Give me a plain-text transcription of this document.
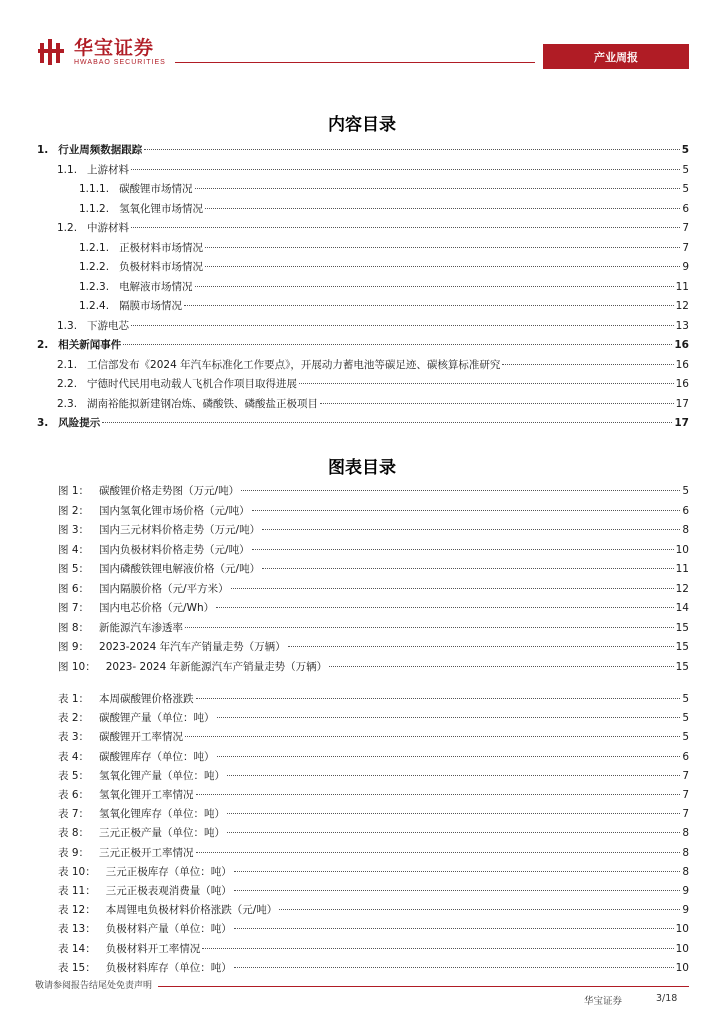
华宝证券
HWABAO SECURITIES	产业周报
内容目录
1. 行业周频数据跟踪	5
1.1. 上游材料	5
1.1.1. 碳酸锂市场情况	5
1.1.2. 氢氧化锂市场情况	6
1.2. 中游材料	7
1.2.1. 正极材料市场情况	7
1.2.2. 负极材料市场情况	9
1.2.3. 电解液市场情况	11
1.2.4. 隔膜市场情况	12
1.3. 下游电芯	13
2. 相关新闻事件	16
2.1. 工信部发布《2024 年汽车标准化工作要点》，开展动力蓄电池等碳足迹、碳核算标准研究	16
2.2. 宁德时代民用电动载人飞机合作项目取得进展	16
2.3. 湖南裕能拟新建钢冶炼、磷酸铁、磷酸盐正极项目	17
3. 风险提示	17
图表目录
图 1： 碳酸锂价格走势图（万元/吨）	5
图 2： 国内氢氧化锂市场价格（元/吨）	6
图 3： 国内三元材料价格走势（万元/吨）	8
图 4： 国内负极材料价格走势（元/吨）	10
图 5： 国内磷酸铁锂电解液价格（元/吨）	11
图 6： 国内隔膜价格（元/平方米）	12
图 7： 国内电芯价格（元/Wh）	14
图 8： 新能源汽车渗透率	15
图 9： 2023-2024 年汽车产销量走势（万辆）	15
图 10： 2023- 2024 年新能源汽车产销量走势（万辆）	15
表 1： 本周碳酸锂价格涨跌	5
表 2： 碳酸锂产量（单位：吨）	5
表 3： 碳酸锂开工率情况	5
表 4： 碳酸锂库存（单位：吨）	6
表 5： 氢氧化锂产量（单位：吨）	7
表 6： 氢氧化锂开工率情况	7
表 7： 氢氧化锂库存（单位：吨）	7
表 8： 三元正极产量（单位：吨）	8
表 9： 三元正极开工率情况	8
表 10： 三元正极库存（单位：吨）	8
表 11： 三元正极表观消费量（吨）	9
表 12： 本周锂电负极材料价格涨跌（元/吨）	9
表 13： 负极材料产量（单位：吨）	10
表 14： 负极材料开工率情况	10
表 15： 负极材料库存（单位：吨）	10
敬请参阅报告结尾处免责声明
华宝证券	3/18
